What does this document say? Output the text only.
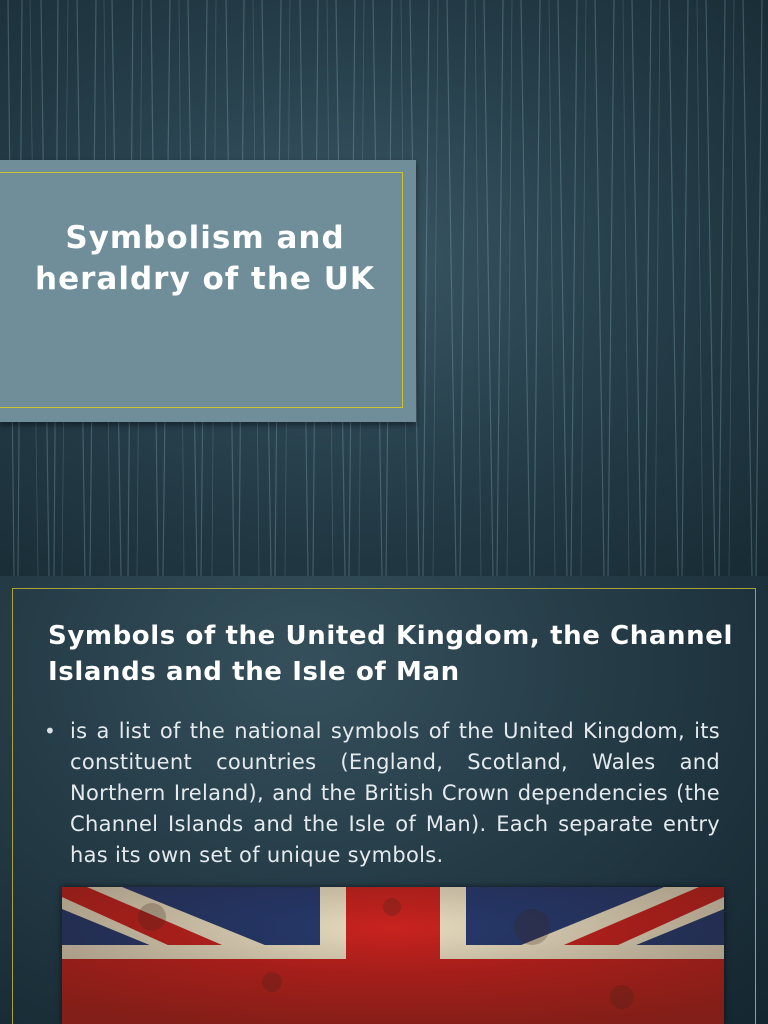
Symbolism and heraldry of the UK
Symbols of the United Kingdom, the Channel Islands and the Isle of Man
• is a list of the national symbols of the United Kingdom, its constituent countries (England, Scotland, Wales and Northern Ireland), and the British Crown dependencies (the Channel Islands and the Isle of Man). Each separate entry has its own set of unique symbols.
